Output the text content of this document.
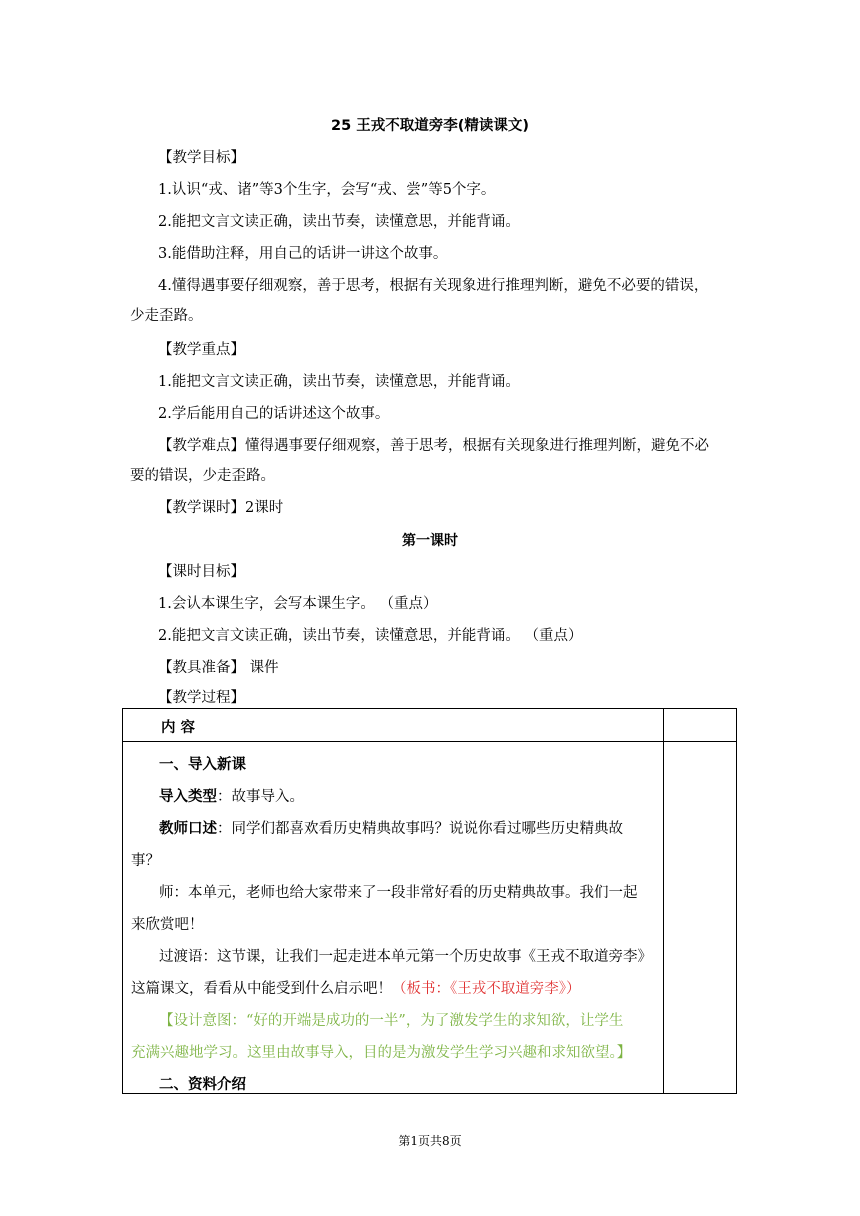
25 王戎不取道旁李(精读课文)
【教学目标】
1.认识“戎、诸”等3个生字，会写“戎、尝”等5个字。
2.能把文言文读正确，读出节奏，读懂意思，并能背诵。
3.能借助注释，用自己的话讲一讲这个故事。
4.懂得遇事要仔细观察，善于思考，根据有关现象进行推理判断，避免不必要的错误，
少走歪路。
【教学重点】
1.能把文言文读正确，读出节奏，读懂意思，并能背诵。
2.学后能用自己的话讲述这个故事。
【教学难点】懂得遇事要仔细观察，善于思考，根据有关现象进行推理判断，避免不必
要的错误，少走歪路。
【教学课时】2课时
第一课时
【课时目标】
1.会认本课生字，会写本课生字。 （重点）
2.能把文言文读正确，读出节奏，读懂意思，并能背诵。 （重点）
【教具准备】 课件
【教学过程】
内 容
一、导入新课
导入类型：故事导入。
教师口述：同学们都喜欢看历史精典故事吗？说说你看过哪些历史精典故
事？
师：本单元，老师也给大家带来了一段非常好看的历史精典故事。我们一起
来欣赏吧！
过渡语：这节课，让我们一起走进本单元第一个历史故事《王戎不取道旁李》
这篇课文，看看从中能受到什么启示吧！（板书：《王戎不取道旁李》）
【设计意图：“好的开端是成功的一半”，为了激发学生的求知欲，让学生
充满兴趣地学习。这里由故事导入，目的是为激发学生学习兴趣和求知欲望。】
二、资料介绍
第1页共8页
